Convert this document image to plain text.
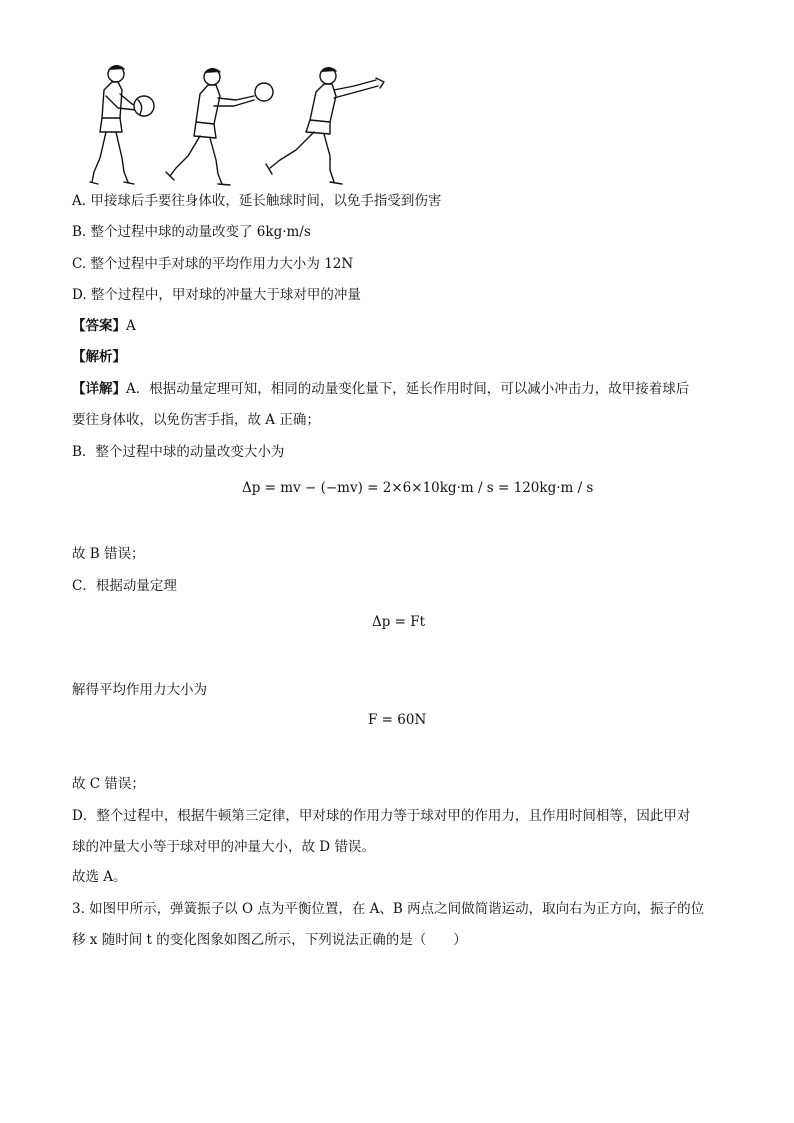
A. 甲接球后手要往身体收，延长触球时间，以免手指受到伤害
B. 整个过程中球的动量改变了 6kg·m/s
C. 整个过程中手对球的平均作用力大小为 12N
D. 整个过程中，甲对球的冲量大于球对甲的冲量
【答案】A
【解析】
【详解】A．根据动量定理可知，相同的动量变化量下，延长作用时间，可以减小冲击力，故甲接着球后
要往身体收，以免伤害手指，故 A 正确；
B．整个过程中球的动量改变大小为
Δp = mv − (−mv) = 2×6×10kg·m / s = 120kg·m / s
故 B 错误；
C．根据动量定理
Δp = Ft
解得平均作用力大小为
F = 60N
故 C 错误；
D．整个过程中，根据牛顿第三定律，甲对球的作用力等于球对甲的作用力，且作用时间相等，因此甲对
球的冲量大小等于球对甲的冲量大小，故 D 错误。
故选 A。
3. 如图甲所示，弹簧振子以 O 点为平衡位置，在 A、B 两点之间做简谐运动，取向右为正方向，振子的位
移 x 随时间 t 的变化图象如图乙所示，下列说法正确的是（　　）
